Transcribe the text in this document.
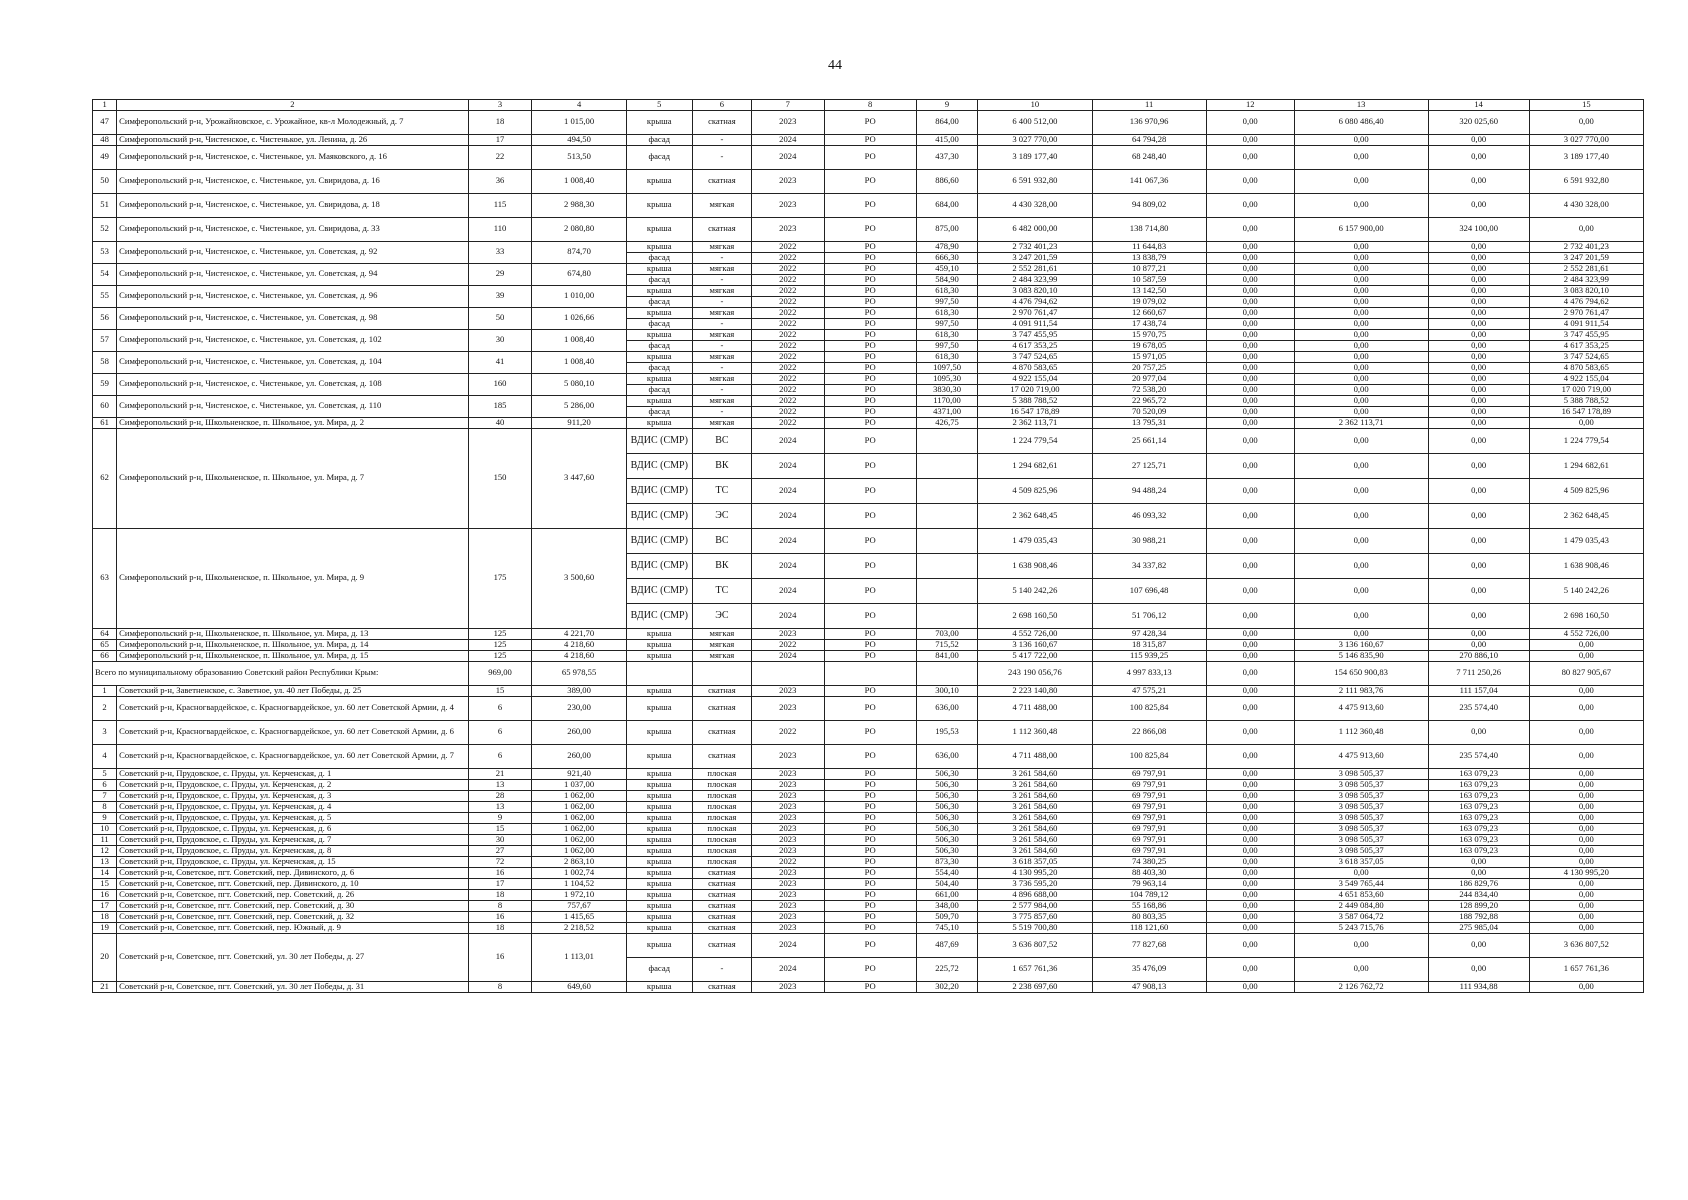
44
1	2	3	4	5	6	7	8	9	10	11	12	13	14	15
47	Симферопольский р-н, Урожайновское, с. Урожайное, кв-л Молодежный, д. 7	18	1 015,00	крыша	скатная	2023	РО	864,00	6 400 512,00	136 970,96	0,00	6 080 486,40	320 025,60	0,00
48	Симферопольский р-н, Чистенское, с. Чистенькое, ул. Ленина, д. 26	17	494,50	фасад	-	2024	РО	415,00	3 027 770,00	64 794,28	0,00	0,00	0,00	3 027 770,00
49	Симферопольский р-н, Чистенское, с. Чистенькое, ул. Маяковского, д. 16	22	513,50	фасад	-	2024	РО	437,30	3 189 177,40	68 248,40	0,00	0,00	0,00	3 189 177,40
50	Симферопольский р-н, Чистенское, с. Чистенькое, ул. Свиридова, д. 16	36	1 008,40	крыша	скатная	2023	РО	886,60	6 591 932,80	141 067,36	0,00	0,00	0,00	6 591 932,80
51	Симферопольский р-н, Чистенское, с. Чистенькое, ул. Свиридова, д. 18	115	2 988,30	крыша	мягкая	2023	РО	684,00	4 430 328,00	94 809,02	0,00	0,00	0,00	4 430 328,00
52	Симферопольский р-н, Чистенское, с. Чистенькое, ул. Свиридова, д. 33	110	2 080,80	крыша	скатная	2023	РО	875,00	6 482 000,00	138 714,80	0,00	6 157 900,00	324 100,00	0,00
53	Симферопольский р-н, Чистенское, с. Чистенькое, ул. Советская, д. 92	33	874,70	крыша	мягкая	2022	РО	478,90	2 732 401,23	11 644,83	0,00	0,00	0,00	2 732 401,23
				фасад	-	2022	РО	666,30	3 247 201,59	13 838,79	0,00	0,00	0,00	3 247 201,59
54	Симферопольский р-н, Чистенское, с. Чистенькое, ул. Советская, д. 94	29	674,80	крыша	мягкая	2022	РО	459,10	2 552 281,61	10 877,21	0,00	0,00	0,00	2 552 281,61
				фасад	-	2022	РО	584,90	2 484 323,99	10 587,59	0,00	0,00	0,00	2 484 323,99
55	Симферопольский р-н, Чистенское, с. Чистенькое, ул. Советская, д. 96	39	1 010,00	крыша	мягкая	2022	РО	618,30	3 083 820,10	13 142,50	0,00	0,00	0,00	3 083 820,10
				фасад	-	2022	РО	997,50	4 476 794,62	19 079,02	0,00	0,00	0,00	4 476 794,62
56	Симферопольский р-н, Чистенское, с. Чистенькое, ул. Советская, д. 98	50	1 026,66	крыша	мягкая	2022	РО	618,30	2 970 761,47	12 660,67	0,00	0,00	0,00	2 970 761,47
				фасад	-	2022	РО	997,50	4 091 911,54	17 438,74	0,00	0,00	0,00	4 091 911,54
57	Симферопольский р-н, Чистенское, с. Чистенькое, ул. Советская, д. 102	30	1 008,40	крыша	мягкая	2022	РО	618,30	3 747 455,95	15 970,75	0,00	0,00	0,00	3 747 455,95
				фасад	-	2022	РО	997,50	4 617 353,25	19 678,05	0,00	0,00	0,00	4 617 353,25
58	Симферопольский р-н, Чистенское, с. Чистенькое, ул. Советская, д. 104	41	1 008,40	крыша	мягкая	2022	РО	618,30	3 747 524,65	15 971,05	0,00	0,00	0,00	3 747 524,65
				фасад	-	2022	РО	1097,50	4 870 583,65	20 757,25	0,00	0,00	0,00	4 870 583,65
59	Симферопольский р-н, Чистенское, с. Чистенькое, ул. Советская, д. 108	160	5 080,10	крыша	мягкая	2022	РО	1095,30	4 922 155,04	20 977,04	0,00	0,00	0,00	4 922 155,04
				фасад	-	2022	РО	3830,30	17 020 719,00	72 538,20	0,00	0,00	0,00	17 020 719,00
60	Симферопольский р-н, Чистенское, с. Чистенькое, ул. Советская, д. 110	185	5 286,00	крыша	мягкая	2022	РО	1170,00	5 388 788,52	22 965,72	0,00	0,00	0,00	5 388 788,52
				фасад	-	2022	РО	4371,00	16 547 178,89	70 520,09	0,00	0,00	0,00	16 547 178,89
61	Симферопольский р-н, Школьненское, п. Школьное, ул. Мира, д. 2	40	911,20	крыша	мягкая	2022	РО	426,75	2 362 113,71	13 795,31	0,00	2 362 113,71	0,00	0,00
62	Симферопольский р-н, Школьненское, п. Школьное, ул. Мира, д. 7	150	3 447,60	ВДИС (СМР)	ВС	2024	РО		1 224 779,54	25 661,14	0,00	0,00	0,00	1 224 779,54
				ВДИС (СМР)	ВК	2024	РО		1 294 682,61	27 125,71	0,00	0,00	0,00	1 294 682,61
				ВДИС (СМР)	ТС	2024	РО		4 509 825,96	94 488,24	0,00	0,00	0,00	4 509 825,96
				ВДИС (СМР)	ЭС	2024	РО		2 362 648,45	46 093,32	0,00	0,00	0,00	2 362 648,45
63	Симферопольский р-н, Школьненское, п. Школьное, ул. Мира, д. 9	175	3 500,60	ВДИС (СМР)	ВС	2024	РО		1 479 035,43	30 988,21	0,00	0,00	0,00	1 479 035,43
				ВДИС (СМР)	ВК	2024	РО		1 638 908,46	34 337,82	0,00	0,00	0,00	1 638 908,46
				ВДИС (СМР)	ТС	2024	РО		5 140 242,26	107 696,48	0,00	0,00	0,00	5 140 242,26
				ВДИС (СМР)	ЭС	2024	РО		2 698 160,50	51 706,12	0,00	0,00	0,00	2 698 160,50
64	Симферопольский р-н, Школьненское, п. Школьное, ул. Мира, д. 13	125	4 221,70	крыша	мягкая	2023	РО	703,00	4 552 726,00	97 428,34	0,00	0,00	0,00	4 552 726,00
65	Симферопольский р-н, Школьненское, п. Школьное, ул. Мира, д. 14	125	4 218,60	крыша	мягкая	2022	РО	715,52	3 136 160,67	18 315,87	0,00	3 136 160,67	0,00	0,00
66	Симферопольский р-н, Школьненское, п. Школьное, ул. Мира, д. 15	125	4 218,60	крыша	мягкая	2024	РО	841,00	5 417 722,00	115 939,25	0,00	5 146 835,90	270 886,10	0,00
Всего по муниципальному образованию Советский район Республики Крым:		969,00	65 978,55						243 190 056,76	4 997 833,13	0,00	154 650 900,83	7 711 250,26	80 827 905,67
1	Советский р-н, Заветненское, с. Заветное, ул. 40 лет Победы, д. 25	15	389,00	крыша	скатная	2023	РО	300,10	2 223 140,80	47 575,21	0,00	2 111 983,76	111 157,04	0,00
2	Советский р-н, Красногвардейское, с. Красногвардейское, ул. 60 лет Советской Армии, д. 4	6	230,00	крыша	скатная	2023	РО	636,00	4 711 488,00	100 825,84	0,00	4 475 913,60	235 574,40	0,00
3	Советский р-н, Красногвардейское, с. Красногвардейское, ул. 60 лет Советской Армии, д. 6	6	260,00	крыша	скатная	2022	РО	195,53	1 112 360,48	22 866,08	0,00	1 112 360,48	0,00	0,00
4	Советский р-н, Красногвардейское, с. Красногвардейское, ул. 60 лет Советской Армии, д. 7	6	260,00	крыша	скатная	2023	РО	636,00	4 711 488,00	100 825,84	0,00	4 475 913,60	235 574,40	0,00
5	Советский р-н, Прудовское, с. Пруды, ул. Керченская, д. 1	21	921,40	крыша	плоская	2023	РО	506,30	3 261 584,60	69 797,91	0,00	3 098 505,37	163 079,23	0,00
6	Советский р-н, Прудовское, с. Пруды, ул. Керченская, д. 2	13	1 037,00	крыша	плоская	2023	РО	506,30	3 261 584,60	69 797,91	0,00	3 098 505,37	163 079,23	0,00
7	Советский р-н, Прудовское, с. Пруды, ул. Керченская, д. 3	28	1 062,00	крыша	плоская	2023	РО	506,30	3 261 584,60	69 797,91	0,00	3 098 505,37	163 079,23	0,00
8	Советский р-н, Прудовское, с. Пруды, ул. Керченская, д. 4	13	1 062,00	крыша	плоская	2023	РО	506,30	3 261 584,60	69 797,91	0,00	3 098 505,37	163 079,23	0,00
9	Советский р-н, Прудовское, с. Пруды, ул. Керченская, д. 5	9	1 062,00	крыша	плоская	2023	РО	506,30	3 261 584,60	69 797,91	0,00	3 098 505,37	163 079,23	0,00
10	Советский р-н, Прудовское, с. Пруды, ул. Керченская, д. 6	15	1 062,00	крыша	плоская	2023	РО	506,30	3 261 584,60	69 797,91	0,00	3 098 505,37	163 079,23	0,00
11	Советский р-н, Прудовское, с. Пруды, ул. Керченская, д. 7	30	1 062,00	крыша	плоская	2023	РО	506,30	3 261 584,60	69 797,91	0,00	3 098 505,37	163 079,23	0,00
12	Советский р-н, Прудовское, с. Пруды, ул. Керченская, д. 8	27	1 062,00	крыша	плоская	2023	РО	506,30	3 261 584,60	69 797,91	0,00	3 098 505,37	163 079,23	0,00
13	Советский р-н, Прудовское, с. Пруды, ул. Керченская, д. 15	72	2 863,10	крыша	плоская	2022	РО	873,30	3 618 357,05	74 380,25	0,00	3 618 357,05	0,00	0,00
14	Советский р-н, Советское, пгт. Советский, пер. Дивинского, д. 6	16	1 002,74	крыша	скатная	2023	РО	554,40	4 130 995,20	88 403,30	0,00	0,00	0,00	4 130 995,20
15	Советский р-н, Советское, пгт. Советский, пер. Дивинского, д. 10	17	1 104,52	крыша	скатная	2023	РО	504,40	3 736 595,20	79 963,14	0,00	3 549 765,44	186 829,76	0,00
16	Советский р-н, Советское, пгт. Советский, пер. Советский, д. 26	18	1 972,10	крыша	скатная	2023	РО	661,00	4 896 688,00	104 789,12	0,00	4 651 853,60	244 834,40	0,00
17	Советский р-н, Советское, пгт. Советский, пер. Советский, д. 30	8	757,67	крыша	скатная	2023	РО	348,00	2 577 984,00	55 168,86	0,00	2 449 084,80	128 899,20	0,00
18	Советский р-н, Советское, пгт. Советский, пер. Советский, д. 32	16	1 415,65	крыша	скатная	2023	РО	509,70	3 775 857,60	80 803,35	0,00	3 587 064,72	188 792,88	0,00
19	Советский р-н, Советское, пгт. Советский, пер. Южный, д. 9	18	2 218,52	крыша	скатная	2023	РО	745,10	5 519 700,80	118 121,60	0,00	5 243 715,76	275 985,04	0,00
20	Советский р-н, Советское, пгт. Советский, ул. 30 лет Победы, д. 27	16	1 113,01	крыша	скатная	2024	РО	487,69	3 636 807,52	77 827,68	0,00	0,00	0,00	3 636 807,52
				фасад	-	2024	РО	225,72	1 657 761,36	35 476,09	0,00	0,00	0,00	1 657 761,36
21	Советский р-н, Советское, пгт. Советский, ул. 30 лет Победы, д. 31	8	649,60	крыша	скатная	2023	РО	302,20	2 238 697,60	47 908,13	0,00	2 126 762,72	111 934,88	0,00
